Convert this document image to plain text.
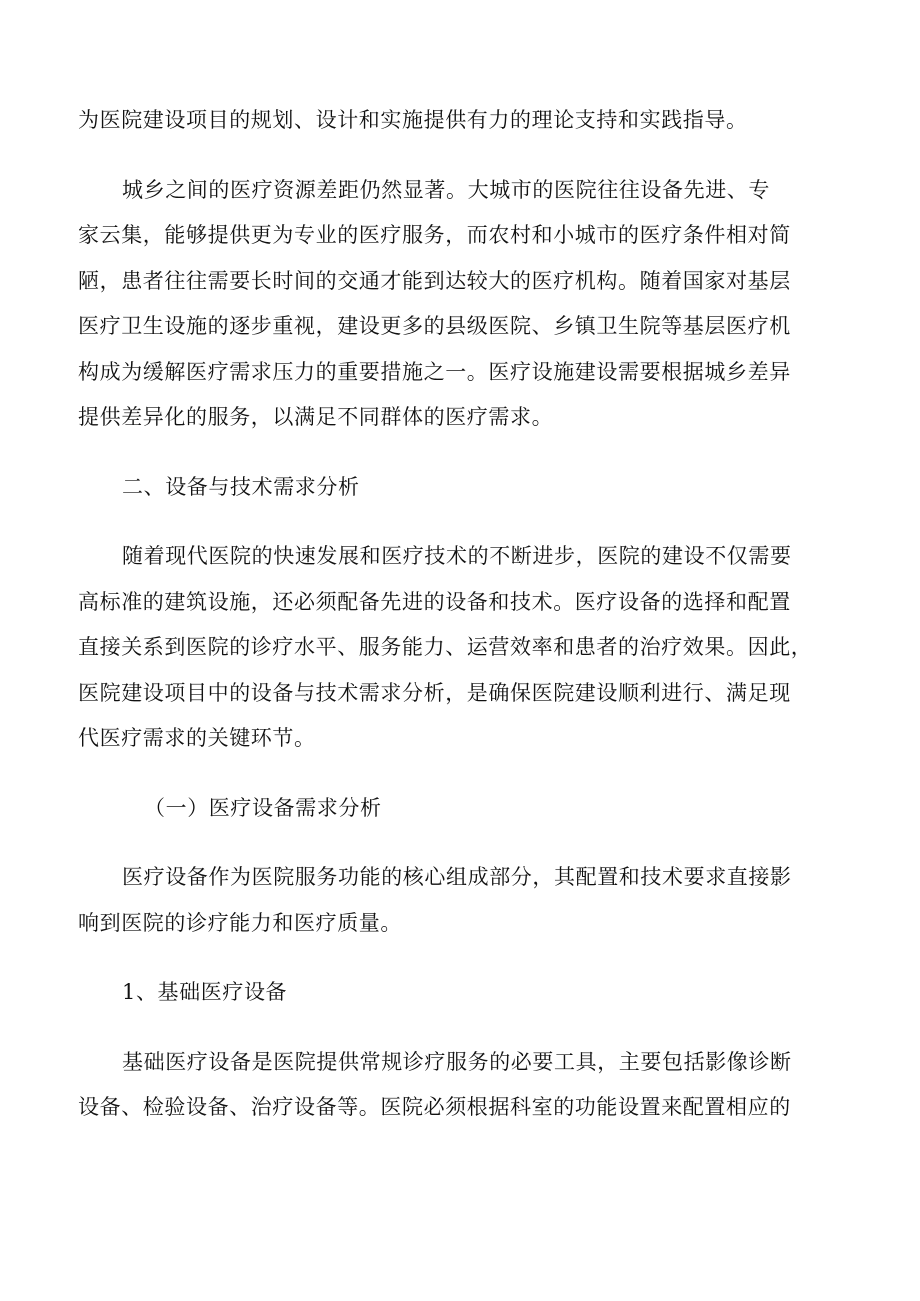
为医院建设项目的规划、设计和实施提供有力的理论支持和实践指导。

城乡之间的医疗资源差距仍然显著。大城市的医院往往设备先进、专
家云集，能够提供更为专业的医疗服务，而农村和小城市的医疗条件相对简
陋，患者往往需要长时间的交通才能到达较大的医疗机构。随着国家对基层
医疗卫生设施的逐步重视，建设更多的县级医院、乡镇卫生院等基层医疗机
构成为缓解医疗需求压力的重要措施之一。医疗设施建设需要根据城乡差异
提供差异化的服务，以满足不同群体的医疗需求。

二、设备与技术需求分析

随着现代医院的快速发展和医疗技术的不断进步，医院的建设不仅需要
高标准的建筑设施，还必须配备先进的设备和技术。医疗设备的选择和配置
直接关系到医院的诊疗水平、服务能力、运营效率和患者的治疗效果。因此，
医院建设项目中的设备与技术需求分析，是确保医院建设顺利进行、满足现
代医疗需求的关键环节。

（一）医疗设备需求分析

医疗设备作为医院服务功能的核心组成部分，其配置和技术要求直接影
响到医院的诊疗能力和医疗质量。

1、基础医疗设备

基础医疗设备是医院提供常规诊疗服务的必要工具，主要包括影像诊断
设备、检验设备、治疗设备等。医院必须根据科室的功能设置来配置相应的
